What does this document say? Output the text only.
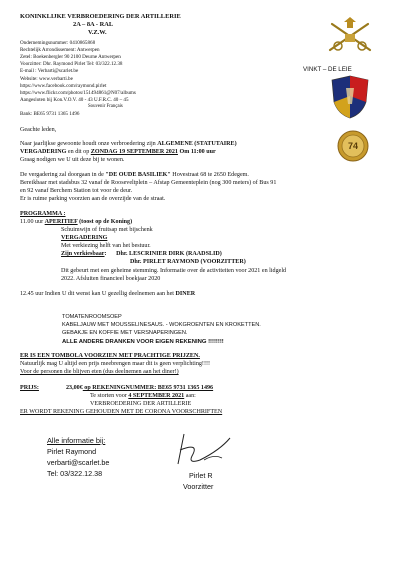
KONINKLIJKE VERBROEDERING DER ARTILLERIE
2A – 8A - RAL
V.Z.W.
Ondernemingsnummer: 0410865868
Rechtelijk Arrondissement: Antwerpen
Zetel: Boekenbergler 90 2100 Deurne Antwerpen
Voorzitter: Dhr. Raymond Pirlet Tel: 03/322.12.38
E-mail : Verbarti@scarlet.be
Website: www.verbarti.be
https://www.facebook.com/raymond.pirlet
https://www.flickr.com/photos/151494861@N07/albums
Aangesloten bij Kon.V.O.V. 40 - 43 U.F.R.C. 40 – 45
Souvenir Français
Bank: BE65 9731 1365 1496
VINKT – DE LEIE
74
Geachte leden,
Naar jaarlijkse gewoonte houdt onze verbroedering zijn ALGEMENE (STATUTAIRE)
VERGADERING en dit op ZONDAG 19 SEPTEMBER 2021 Om 11:00 uur
Graag nodigen we U uit deze bij te wonen.
De vergadering zal doorgaan in de "DE OUDE BASILIEK" Hovestraat 68 te 2650 Edegem.
Bereikbaar met stadsbus 32 vanaf de Rooseveltplein – Afstap Gemeenteplein (nog 300 meters) of Bus 91
en 92 vanaf Berchem Station tot voor de deur.
Er is ruime parking voorzien aan de overzijde van de straat.
PROGRAMMA :
11.00 uur APERITIEF (toost op de Koning)
Schuimwijn of fruitsap met bijschenk
VERGADERING
Met verkiezing helft van het bestuur.
Zijn verkiesbaar: Dhr. LESCRINIER DIRK (RAADSLID)
Dhr. PIRLET RAYMOND (VOORZITTER)
Dit gebeurt met een geheime stemming. Informatie over de activiteiten voor 2021 en lidgeld
2022. Afsluiten financieel boekjaar 2020
12.45 uur Indien U dit wenst kan U gezellig deelnemen aan het DINER
TOMATENROOMSOEP
KABELJAUW MET MOUSSELINESAUS. - WOKGROENTEN EN KROKETTEN.
GEBAKJE EN KOFFIE MET VERSNAPERINGEN.
ALLE ANDERE DRANKEN VOOR EIGEN REKENING !!!!!!!!
ER IS EEN TOMBOLA VOORZIEN MET PRACHTIGE PRIJZEN.
Natuurlijk mag U altijd een prijs meebrengen maar dit is geen verplichting!!!!
Voor de personen die blijven eten (dus deelnemen aan het diner!)
PRIJS:	23,00€ op REKENINGNUMMER: BE65 9731 1365 1496
Te storten voor 4 SEPTEMBER 2021 aan:
VERBROEDERING DER ARTILLERIE
ER WORDT REKENING GEHOUDEN MET DE CORONA VOORSCHRIFTEN
Alle informatie bij:
Pirlet Raymond
verbarti@scarlet.be
Tel: 03/322.12.38	Pirlet R
Voorzitter
